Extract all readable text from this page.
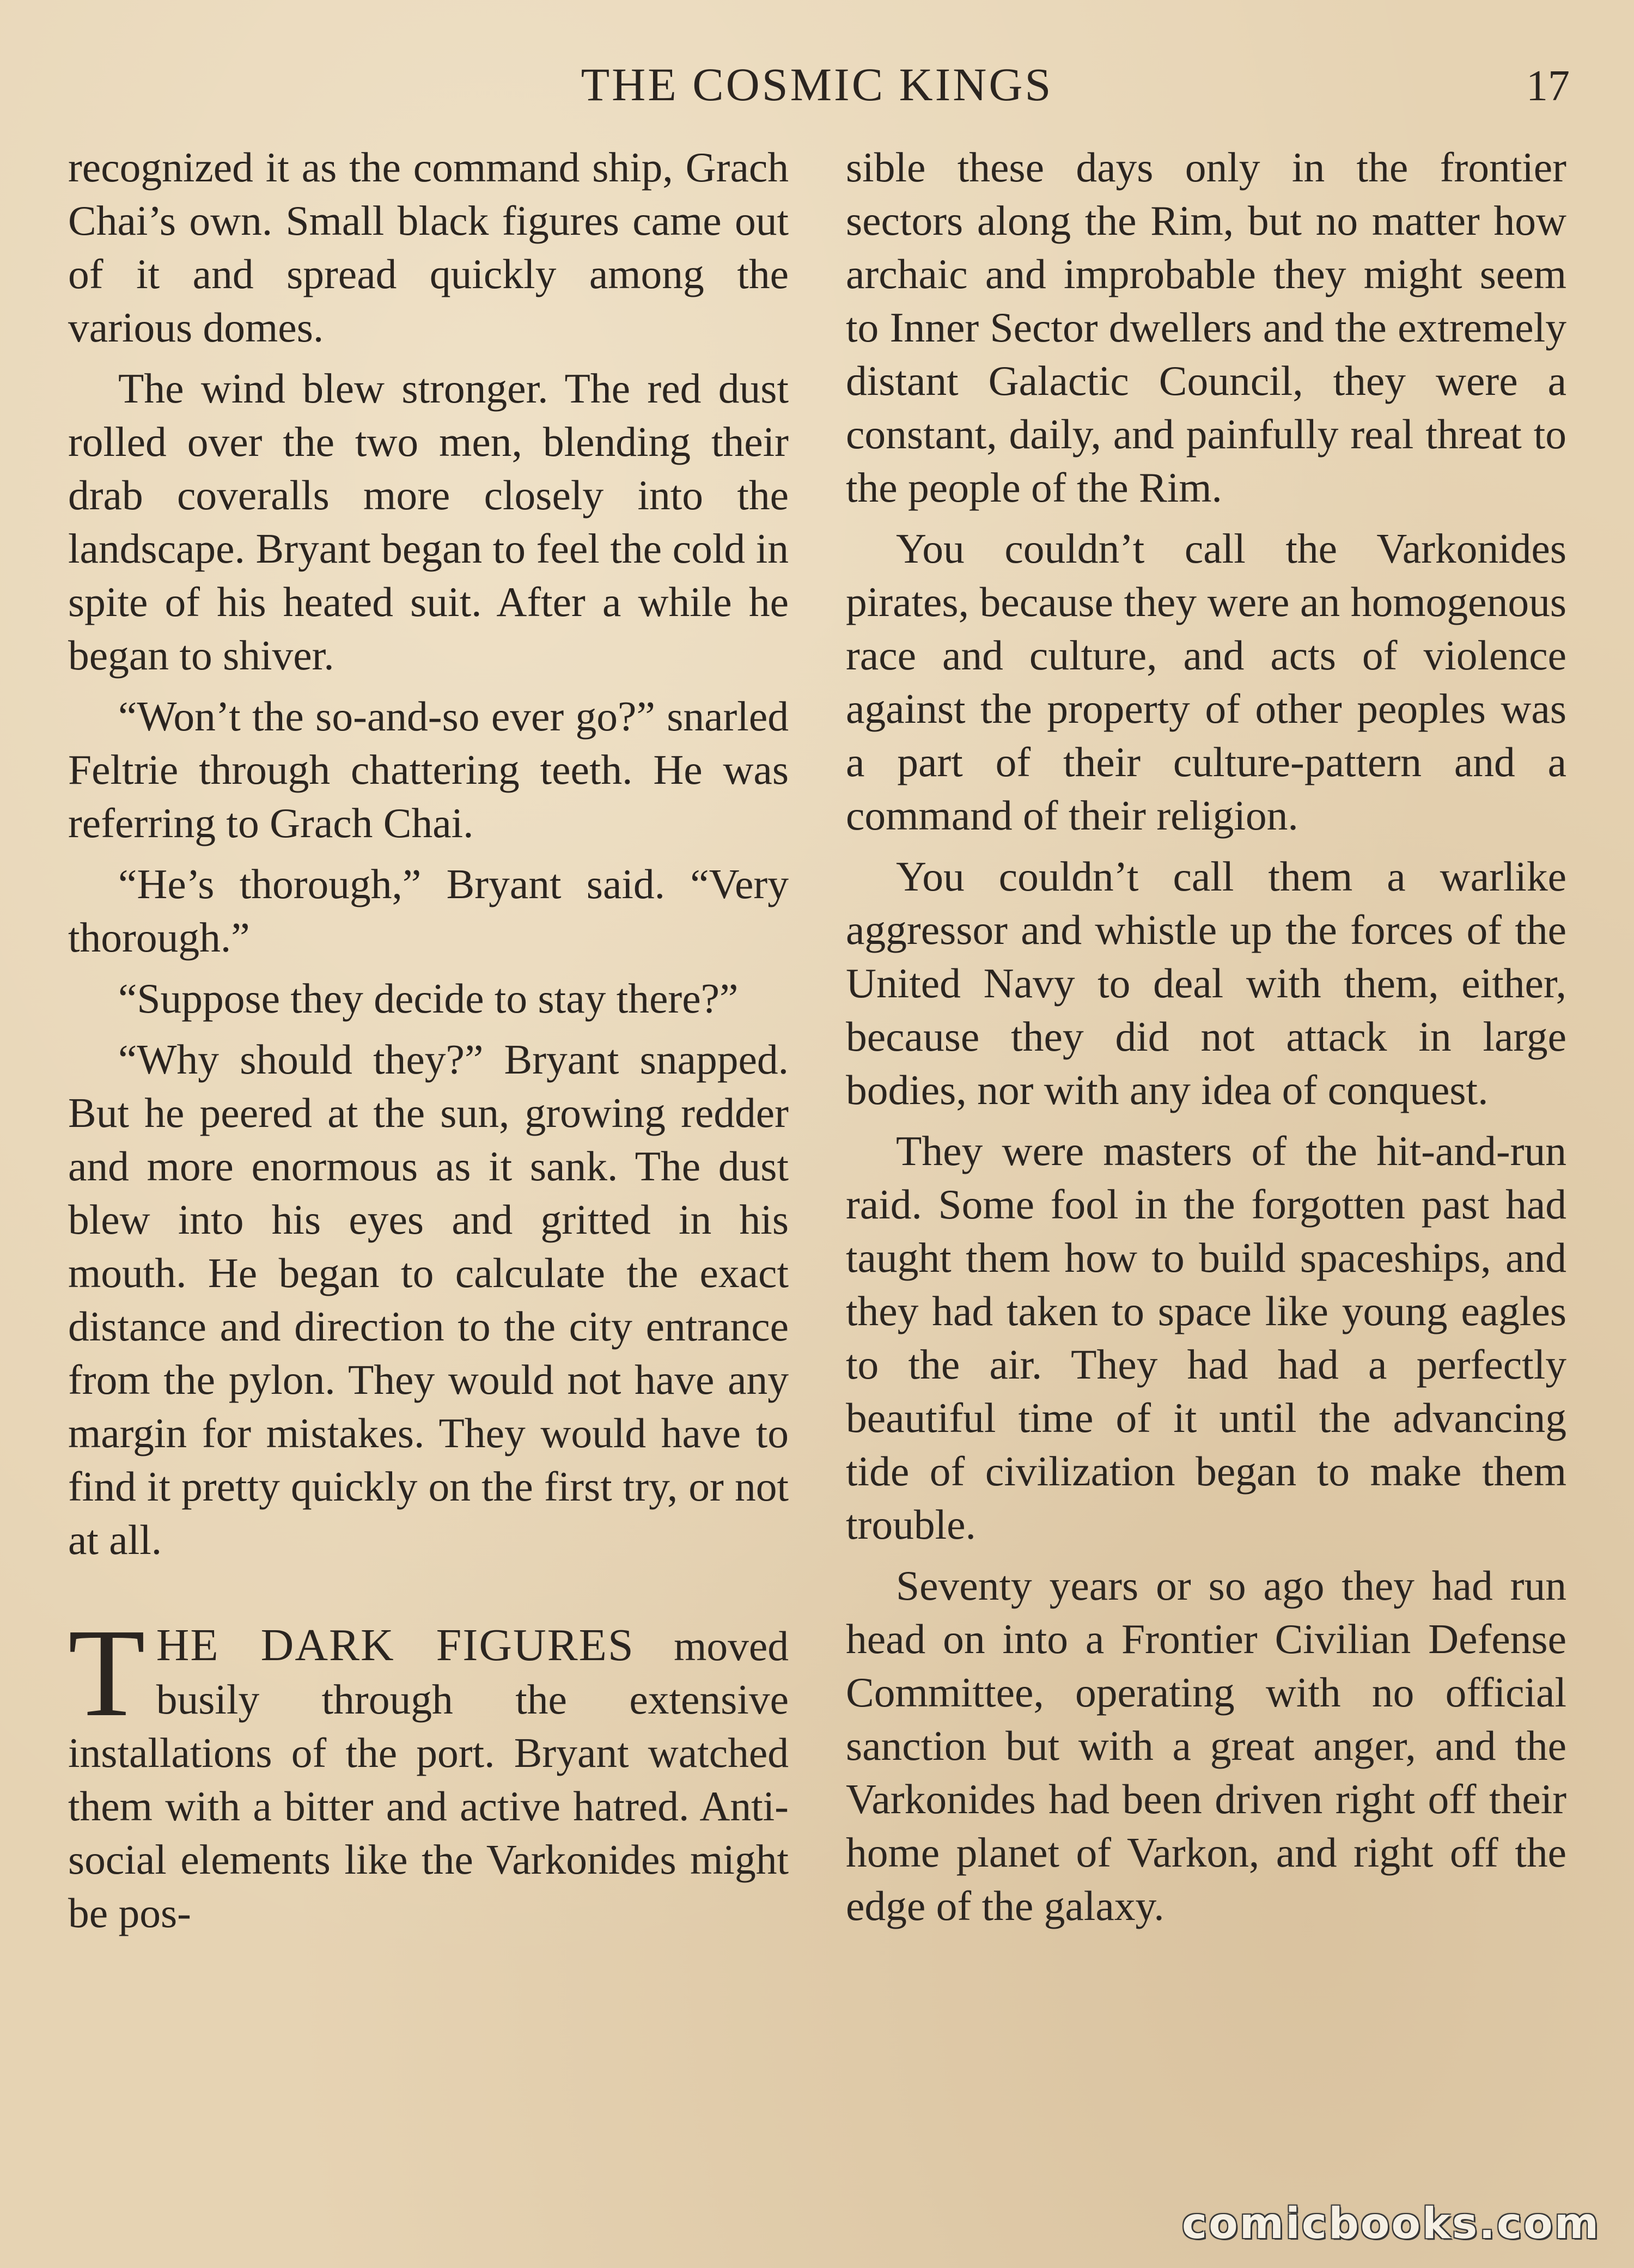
THE COSMIC KINGS	17

recognized it as the command ship, Grach Chai’s own. Small black figures came out of it and spread quickly among the various domes.

The wind blew stronger. The red dust rolled over the two men, blending their drab coveralls more closely into the landscape. Bryant began to feel the cold in spite of his heated suit. After a while he began to shiver.

“Won’t the so-and-so ever go?” snarled Feltrie through chattering teeth. He was referring to Grach Chai.

“He’s thorough,” Bryant said. “Very thorough.”

“Suppose they decide to stay there?”

“Why should they?” Bryant snapped. But he peered at the sun, growing redder and more enormous as it sank. The dust blew into his eyes and gritted in his mouth. He began to calculate the exact distance and direction to the city entrance from the pylon. They would not have any margin for mistakes. They would have to find it pretty quickly on the first try, or not at all.

THE DARK FIGURES moved busily through the extensive installations of the port. Bryant watched them with a bitter and active hatred. Anti-social elements like the Varkonides might be pos-

sible these days only in the frontier sectors along the Rim, but no matter how archaic and improbable they might seem to Inner Sector dwellers and the extremely distant Galactic Council, they were a constant, daily, and painfully real threat to the people of the Rim.

You couldn’t call the Varkonides pirates, because they were an homogenous race and culture, and acts of violence against the property of other peoples was a part of their culture-pattern and a command of their religion.

You couldn’t call them a warlike aggressor and whistle up the forces of the United Navy to deal with them, either, because they did not attack in large bodies, nor with any idea of conquest.

They were masters of the hit-and-run raid. Some fool in the forgotten past had taught them how to build spaceships, and they had taken to space like young eagles to the air. They had had a perfectly beautiful time of it until the advancing tide of civilization began to make them trouble.

Seventy years or so ago they had run head on into a Frontier Civilian Defense Committee, operating with no official sanction but with a great anger, and the Varkonides had been driven right off their home planet of Varkon, and right off the edge of the galaxy.

comicbooks.com
